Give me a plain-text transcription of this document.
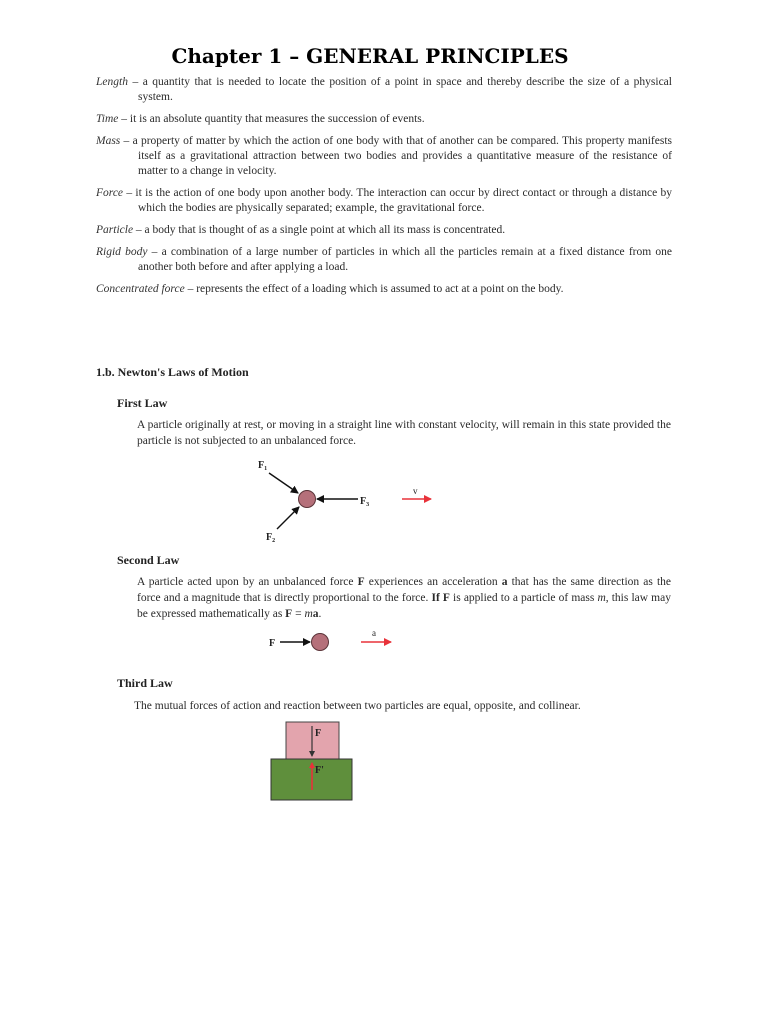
Chapter 1 – GENERAL PRINCIPLES

Length – a quantity that is needed to locate the position of a point in space and thereby describe the size of a physical system.

Time – it is an absolute quantity that measures the succession of events.

Mass – a property of matter by which the action of one body with that of another can be compared. This property manifests itself as a gravitational attraction between two bodies and provides a quantitative measure of the resistance of matter to a change in velocity.

Force – it is the action of one body upon another body. The interaction can occur by direct contact or through a distance by which the bodies are physically separated; example, the gravitational force.

Particle – a body that is thought of as a single point at which all its mass is concentrated.

Rigid body – a combination of a large number of particles in which all the particles remain at a fixed distance from one another both before and after applying a load.

Concentrated force – represents the effect of a loading which is assumed to act at a point on the body.

1.b. Newton's Laws of Motion
First Law
A particle originally at rest, or moving in a straight line with constant velocity, will remain in this state provided the particle is not subjected to an unbalanced force.
$F_1$
$F_2$
$F_3$
v
Second Law
A particle acted upon by an unbalanced force F experiences an acceleration a that has the same direction as the force and a magnitude that is directly proportional to the force. If F is applied to a particle of mass m, this law may be expressed mathematically as F = ma.
F
a
Third Law
The mutual forces of action and reaction between two particles are equal, opposite, and collinear.
F
F'
